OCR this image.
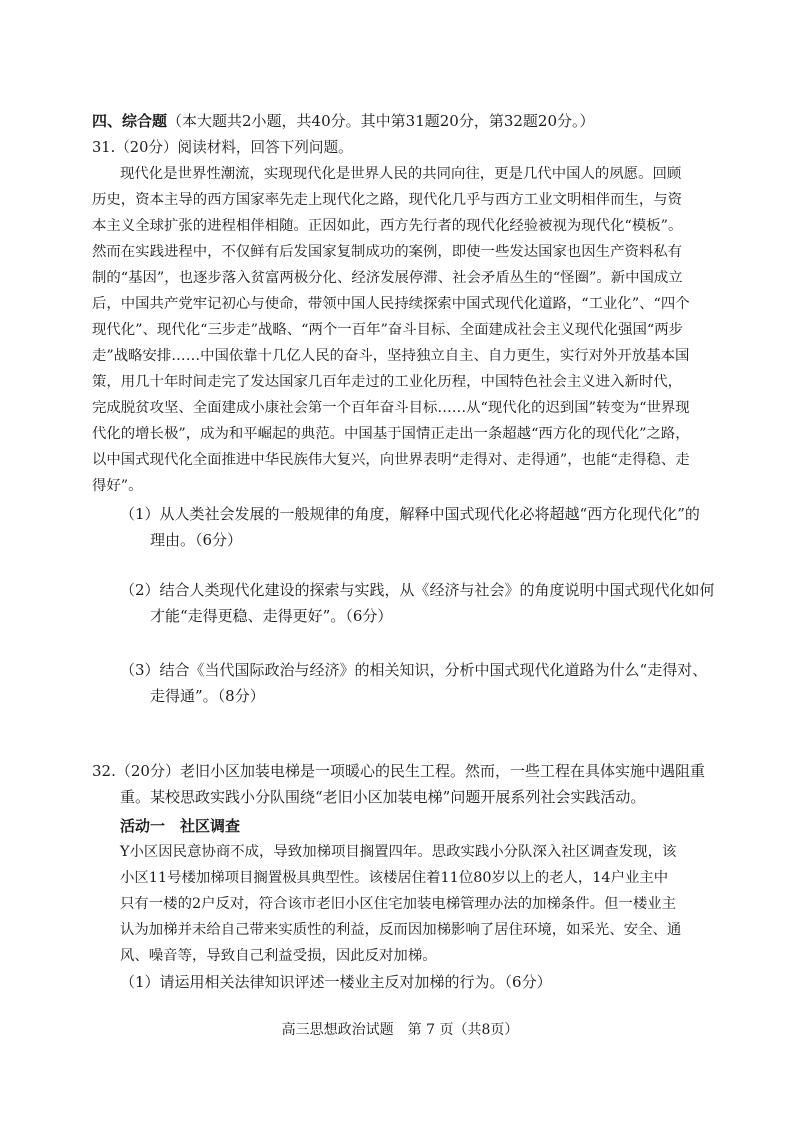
四、综合题（本大题共2小题，共40分。其中第31题20分，第32题20分。）
31.（20分）阅读材料，回答下列问题。
现代化是世界性潮流，实现现代化是世界人民的共同向往，更是几代中国人的夙愿。回顾
历史，资本主导的西方国家率先走上现代化之路，现代化几乎与西方工业文明相伴而生，与资
本主义全球扩张的进程相伴相随。正因如此，西方先行者的现代化经验被视为现代化“模板”。
然而在实践进程中，不仅鲜有后发国家复制成功的案例，即使一些发达国家也因生产资料私有
制的“基因”，也逐步落入贫富两极分化、经济发展停滞、社会矛盾丛生的“怪圈”。新中国成立
后，中国共产党牢记初心与使命，带领中国人民持续探索中国式现代化道路，“工业化”、“四个
现代化”、现代化“三步走”战略、“两个一百年”奋斗目标、全面建成社会主义现代化强国“两步
走”战略安排……中国依靠十几亿人民的奋斗，坚持独立自主、自力更生，实行对外开放基本国
策，用几十年时间走完了发达国家几百年走过的工业化历程，中国特色社会主义进入新时代，
完成脱贫攻坚、全面建成小康社会第一个百年奋斗目标……从“现代化的迟到国”转变为“世界现
代化的增长极”，成为和平崛起的典范。中国基于国情正走出一条超越“西方化的现代化”之路，
以中国式现代化全面推进中华民族伟大复兴，向世界表明“走得对、走得通”，也能“走得稳、走
得好”。
（1）从人类社会发展的一般规律的角度，解释中国式现代化必将超越“西方化现代化”的
理由。（6分）
（2）结合人类现代化建设的探索与实践，从《经济与社会》的角度说明中国式现代化如何
才能“走得更稳、走得更好”。（6分）
（3）结合《当代国际政治与经济》的相关知识，分析中国式现代化道路为什么“走得对、
走得通”。（8分）
32.（20分）老旧小区加装电梯是一项暖心的民生工程。然而，一些工程在具体实施中遇阻重
重。某校思政实践小分队围绕“老旧小区加装电梯”问题开展系列社会实践活动。
活动一　社区调查
Y小区因民意协商不成，导致加梯项目搁置四年。思政实践小分队深入社区调查发现，该
小区11号楼加梯项目搁置极具典型性。该楼居住着11位80岁以上的老人，14户业主中
只有一楼的2户反对，符合该市老旧小区住宅加装电梯管理办法的加梯条件。但一楼业主
认为加梯并未给自己带来实质性的利益，反而因加梯影响了居住环境，如采光、安全、通
风、噪音等，导致自己利益受损，因此反对加梯。
（1）请运用相关法律知识评述一楼业主反对加梯的行为。（6分）
高三思想政治试题　第 7 页（共8页）
